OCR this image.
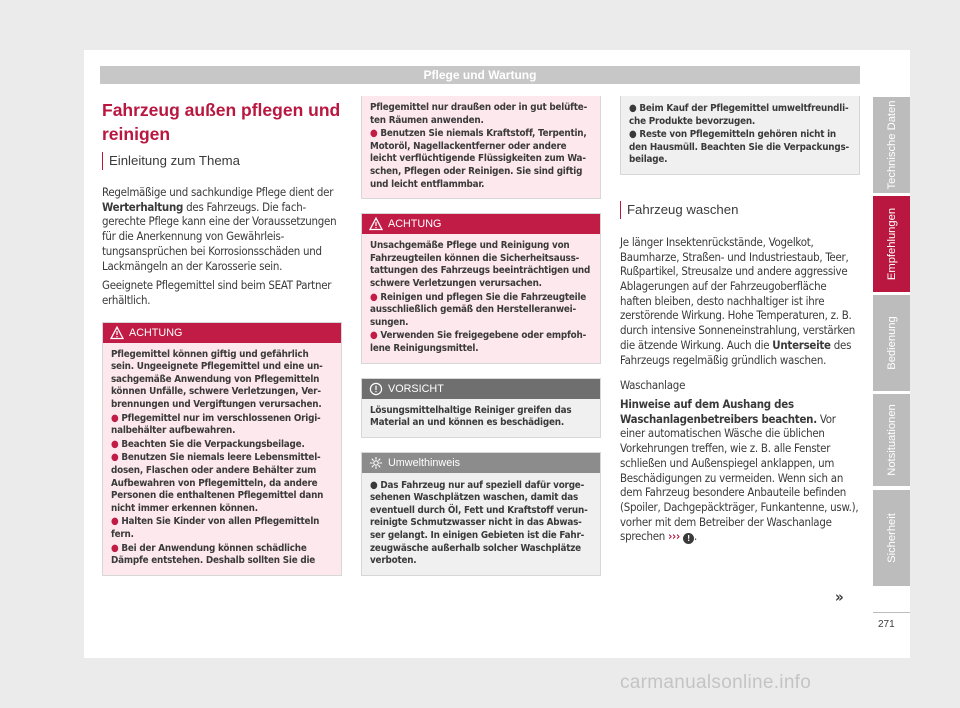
Pflege und Wartung
Fahrzeug außen pflegen und reinigen
Einleitung zum Thema

Regelmäßige und sachkundige Pflege dient der Werterhaltung des Fahrzeugs. Die fachgerechte Pflege kann eine der Voraussetzungen für die Anerkennung von Gewährleistungsansprüchen bei Korrosionsschäden und Lackmängeln an der Karosserie sein.

Geeignete Pflegemittel sind beim SEAT Partner erhältlich.

ACHTUNG
Pflegemittel können giftig und gefährlich sein. Ungeeignete Pflegemittel und eine unsachgemäße Anwendung von Pflegemitteln können Unfälle, schwere Verletzungen, Verbrennungen und Vergiftungen verursachen.
● Pflegemittel nur im verschlossenen Originalbehälter aufbewahren.
● Beachten Sie die Verpackungsbeilage.
● Benutzen Sie niemals leere Lebensmitteldosen, Flaschen oder andere Behälter zum Aufbewahren von Pflegemitteln, da andere Personen die enthaltenen Pflegemittel dann nicht immer erkennen können.
● Halten Sie Kinder von allen Pflegemitteln fern.
● Bei der Anwendung können schädliche Dämpfe entstehen. Deshalb sollten Sie die
Pflegemittel nur draußen oder in gut belüfteten Räumen anwenden.
● Benutzen Sie niemals Kraftstoff, Terpentin, Motoröl, Nagellackentferner oder andere leicht verflüchtigende Flüssigkeiten zum Waschen, Pflegen oder Reinigen. Sie sind giftig und leicht entflammbar.
ACHTUNG
Unsachgemäße Pflege und Reinigung von Fahrzeugteilen können die Sicherheitsausstattungen des Fahrzeugs beeinträchtigen und schwere Verletzungen verursachen.
● Reinigen und pflegen Sie die Fahrzeugteile ausschließlich gemäß den Herstelleranweisungen.
● Verwenden Sie freigegebene oder empfohlene Reinigungsmittel.
VORSICHT
Lösungsmittelhaltige Reiniger greifen das Material an und können es beschädigen.
Umwelthinweis
● Das Fahrzeug nur auf speziell dafür vorgesehenen Waschplätzen waschen, damit das eventuell durch Öl, Fett und Kraftstoff verunreinigte Schmutzwasser nicht in das Abwasser gelangt. In einigen Gebieten ist die Fahrzeugwäsche außerhalb solcher Waschplätze verboten.
● Beim Kauf der Pflegemittel umweltfreundliche Produkte bevorzugen.
● Reste von Pflegemitteln gehören nicht in den Hausmüll. Beachten Sie die Verpackungsbeilage.
Fahrzeug waschen

Je länger Insektenrückstände, Vogelkot, Baumharze, Straßen- und Industriestaub, Teer, Rußpartikel, Streusalze und andere aggressive Ablagerungen auf der Fahrzeugoberfläche haften bleiben, desto nachhaltiger ist ihre zerstörende Wirkung. Hohe Temperaturen, z. B. durch intensive Sonneneinstrahlung, verstärken die ätzende Wirkung. Auch die Unterseite des Fahrzeugs regelmäßig gründlich waschen.

Waschanlage

Hinweise auf dem Aushang des Waschanlagenbetreibers beachten. Vor einer automatischen Wäsche die üblichen Vorkehrungen treffen, wie z. B. alle Fenster schließen und Außenspiegel anklappen, um Beschädigungen zu vermeiden. Wenn sich an dem Fahrzeug besondere Anbauteile befinden (Spoiler, Dachgepäckträger, Funkantenne, usw.), vorher mit dem Betreiber der Waschanlage sprechen ››› ! .

Technische Daten
Empfehlungen
Bedienung
Notsituationen
Sicherheit
»
271
carmanualsonline.info
